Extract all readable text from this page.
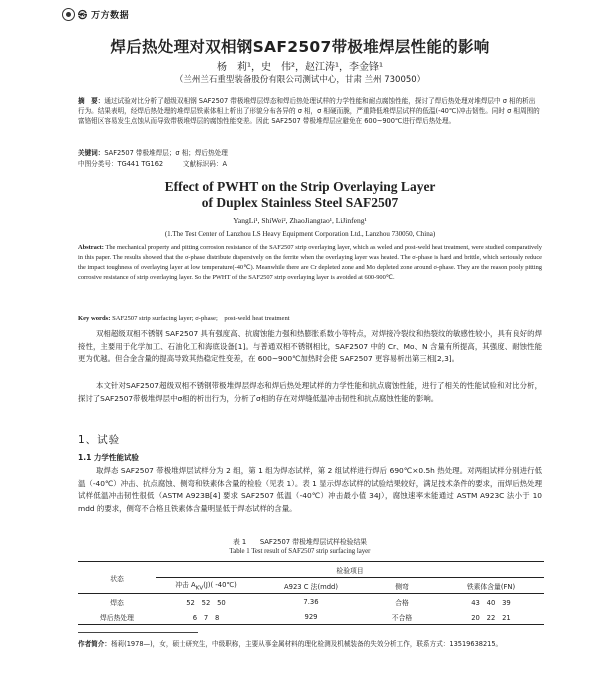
㉿ 万方数据
焊后热处理对双相钢SAF2507带极堆焊层性能的影响
杨　莉¹，史　伟²，赵江涛¹，李金锋¹
（兰州兰石重型装备股份有限公司测试中心，甘肃 兰州 730050）
摘　要：通过试验对比分析了超级双相钢 SAF2507 带极堆焊层焊态和焊后热处理试样的力学性能和耐点腐蚀性能，探讨了焊后热处理对堆焊层中 σ 相的析出行为。结果表明，经焊后热处理的堆焊层铁素体相上析出了形貌分布各异的 σ 相，σ 相硬而脆，严重降低堆焊层试样的低温(-40℃)冲击韧性。同时 σ 相周围的富铬钼区容易发生点蚀从而导致带极堆焊层的腐蚀性能变差。因此 SAF2507 带极堆焊层应避免在 600~900℃进行焊后热处理。
关键词：SAF2507 带极堆焊层；σ 相；焊后热处理
中图分类号：TG441 TG162　　　文献标识码：A
Effect of PWHT on the Strip Overlaying Layer
of Duplex Stainless Steel SAF2507
YangLi¹, ShiWei², ZhaoJiangtao¹, LiJinfeng¹
(1.The Test Center of Lanzhou LS Heavy Equipment Corporation Ltd., Lanzhou 730050, China)
Abstract: The mechanical property and pitting corrosion resistance of the SAF2507 strip overlaying layer, which as weled and post-weld heat treatment, were studied comparatively in this paper. The results showed that the σ-phase distribute dispersively on the ferrite when the overlaying layer was heated. The σ-phase is hard and brittle, which seriously reduce the impact toughness of overlaying layer at low temperature(-40℃). Meanwhile there are Cr depleted zone and Mo depleted zone around σ-phase. They are the reason pooly pitting corrosive resistance of strip overlaying layer. So the PWHT of the SAF2507 strip overlaying layer is avoided at 600-900℃.
Key words: SAF2507 strip surfacing layer; σ-phase;　post-weld heat treatment
双相超级双相不锈钢 SAF2507 具有强度高、抗腐蚀能力强和热膨胀系数小等特点，对焊接冷裂纹和热裂纹的敏感性较小，具有良好的焊接性，主要用于化学加工、石油化工和海底设备[1]。与普通双相不锈钢相比，SAF2507 中的 Cr、Mo、N 含量有所提高，其强度、耐蚀性能更为优越。但合金含量的提高导致其热稳定性变差，在 600~900℃加热时会使 SAF2507 更容易析出第三相[2,3]。
本文针对SAF2507超级双相不锈钢带极堆焊层焊态和焊后热处理试样的力学性能和抗点腐蚀性能，进行了相关的性能试验和对比分析，探讨了SAF2507带极堆焊层中σ相的析出行为，分析了σ相的存在对焊缝低温冲击韧性和抗点腐蚀性能的影响。
1、试验
1.1 力学性能试验
取焊态 SAF2507 带极堆焊层试样分为 2 组，第 1 组为焊态试样，第 2 组试样进行焊后 690℃×0.5h 热处理。对两组试样分别进行低温（-40℃）冲击、抗点腐蚀、侧弯和铁素体含量的检验（见表 1）。表 1 显示焊态试样的试验结果较好，满足技术条件的要求，而焊后热处理试样低温冲击韧性很低（ASTM A923B[4] 要求 SAF2507 低温（-40℃）冲击最小值 34J），腐蚀速率未能通过 ASTM A923C 法小于 10 mdd 的要求，侧弯不合格且铁素体含量明显低于焊态试样的含量。
表 1　　SAF2507 带极堆焊层试样检验结果
Table 1 Test result of SAF2507 strip surfacing layer
状态	检验项目			
	冲击 $A_{KV}(J)$( -40℃)	A923 C 法(mdd)	侧弯	铁素体含量(FN)
焊态	52　52　50	7.36	合格	43　40　39
焊后热处理	6　7　8	929	不合格	20　22　21
作者简介：杨莉(1978—)，女，硕士研究生，中级职称，主要从事金属材料的理化检测及机械装备的失效分析工作，联系方式：13519638215。
